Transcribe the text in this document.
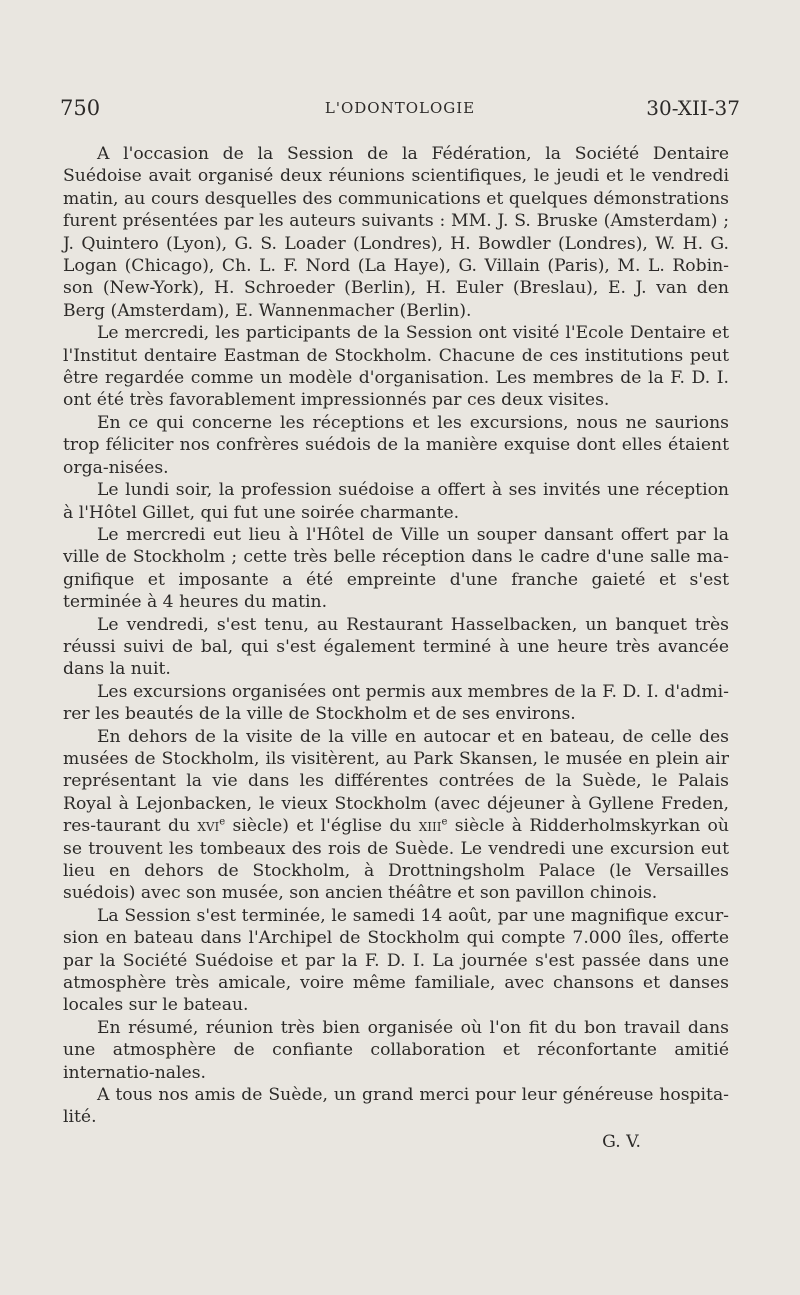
750	L'ODONTOLOGIE	30-XII-37

A l'occasion de la Session de la Fédération, la Société Dentaire Suédoise avait organisé deux réunions scientifiques, le jeudi et le vendredi matin, au cours desquelles des communications et quelques démonstrations furent présentées par les auteurs suivants : MM. J. S. Bruske (Amsterdam) ; J. Quintero (Lyon), G. S. Loader (Londres), H. Bowdler (Londres), W. H. G. Logan (Chicago), Ch. L. F. Nord (La Haye), G. Villain (Paris), M. L. Robin-son (New-York), H. Schroeder (Berlin), H. Euler (Breslau), E. J. van den Berg (Amsterdam), E. Wannenmacher (Berlin).

Le mercredi, les participants de la Session ont visité l'Ecole Dentaire et l'Institut dentaire Eastman de Stockholm. Chacune de ces institutions peut être regardée comme un modèle d'organisation. Les membres de la F. D. I. ont été très favorablement impressionnés par ces deux visites.

En ce qui concerne les réceptions et les excursions, nous ne saurions trop féliciter nos confrères suédois de la manière exquise dont elles étaient orga-nisées.

Le lundi soir, la profession suédoise a offert à ses invités une réception à l'Hôtel Gillet, qui fut une soirée charmante.

Le mercredi eut lieu à l'Hôtel de Ville un souper dansant offert par la ville de Stockholm ; cette très belle réception dans le cadre d'une salle ma-gnifique et imposante a été empreinte d'une franche gaieté et s'est terminée à 4 heures du matin.

Le vendredi, s'est tenu, au Restaurant Hasselbacken, un banquet très réussi suivi de bal, qui s'est également terminé à une heure très avancée dans la nuit.

Les excursions organisées ont permis aux membres de la F. D. I. d'admi-rer les beautés de la ville de Stockholm et de ses environs.

En dehors de la visite de la ville en autocar et en bateau, de celle des musées de Stockholm, ils visitèrent, au Park Skansen, le musée en plein air représentant la vie dans les différentes contrées de la Suède, le Palais Royal à Lejonbacken, le vieux Stockholm (avec déjeuner à Gyllene Freden, res-taurant du xvi$^e$ siècle) et l'église du xiii$^e$ siècle à Ridderholmskyrkan où se trouvent les tombeaux des rois de Suède. Le vendredi une excursion eut lieu en dehors de Stockholm, à Drottningsholm Palace (le Versailles suédois) avec son musée, son ancien théâtre et son pavillon chinois.

La Session s'est terminée, le samedi 14 août, par une magnifique excur-sion en bateau dans l'Archipel de Stockholm qui compte 7.000 îles, offerte par la Société Suédoise et par la F. D. I. La journée s'est passée dans une atmosphère très amicale, voire même familiale, avec chansons et danses locales sur le bateau.

En résumé, réunion très bien organisée où l'on fit du bon travail dans une atmosphère de confiante collaboration et réconfortante amitié internatio-nales.

A tous nos amis de Suède, un grand merci pour leur généreuse hospita-lité.

G. V.
